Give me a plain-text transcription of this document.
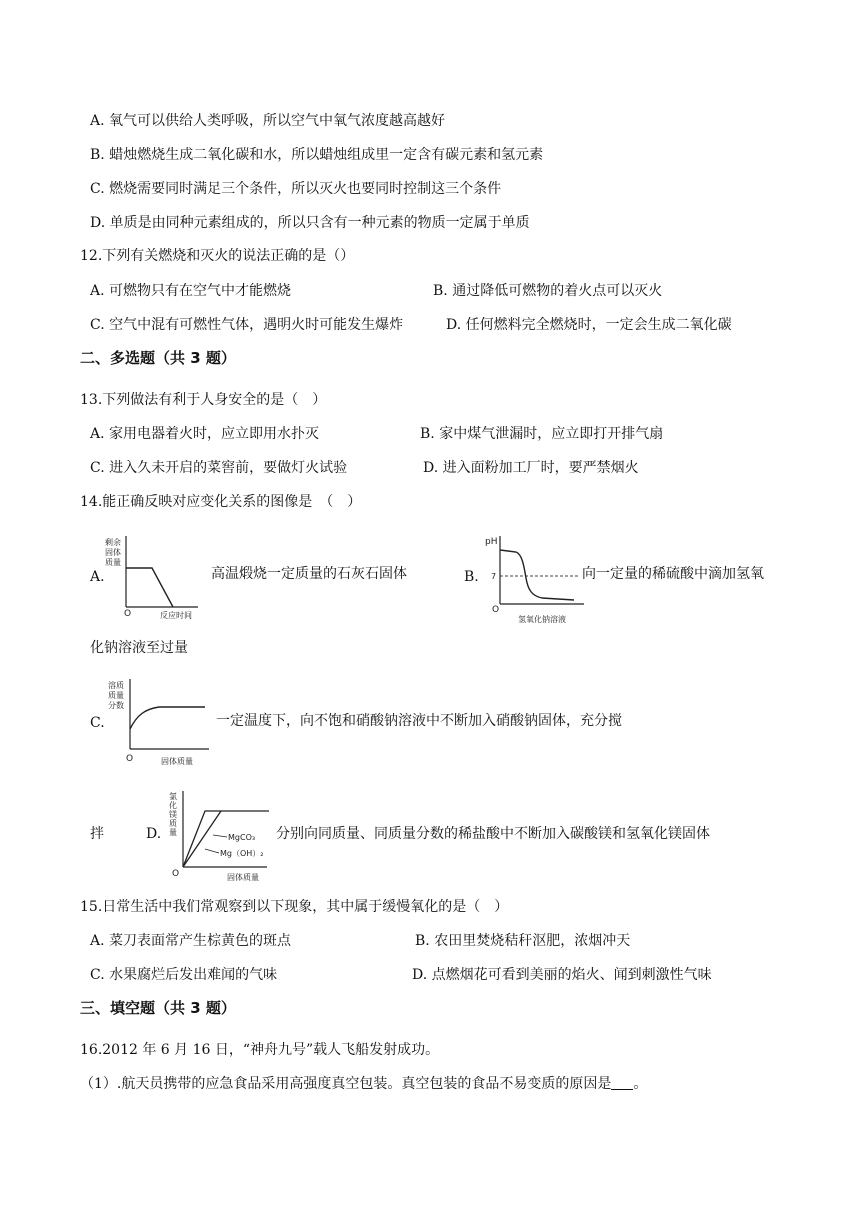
A. 氧气可以供给人类呼吸，所以空气中氧气浓度越高越好
B. 蜡烛燃烧生成二氧化碳和水，所以蜡烛组成里一定含有碳元素和氢元素
C. 燃烧需要同时满足三个条件，所以灭火也要同时控制这三个条件
D. 单质是由同种元素组成的，所以只含有一种元素的物质一定属于单质
12.下列有关燃烧和灭火的说法正确的是（）
A. 可燃物只有在空气中才能燃烧	B. 通过降低可燃物的着火点可以灭火
C. 空气中混有可燃性气体，遇明火时可能发生爆炸	D. 任何燃料完全燃烧时，一定会生成二氧化碳
二、多选题（共 3 题）
13.下列做法有利于人身安全的是（　）
A. 家用电器着火时，应立即用水扑灭	B. 家中煤气泄漏时，应立即打开排气扇
C. 进入久未开启的菜窖前，要做灯火试验	D. 进入面粉加工厂时，要严禁烟火
14.能正确反映对应变化关系的图像是　（　）
A.
剩余
固体
质量
O	反应时间
高温煅烧一定质量的石灰石固体	B.
pH
7
O
氢氧化钠溶液
向一定量的稀硫酸中滴加氢氧
化钠溶液至过量
C.
溶质
质量
分数
O	固体质量
一定温度下，向不饱和硝酸钠溶液中不断加入硝酸钠固体，充分搅
拌	D.
氯
化
镁
质
量
MgCO₃
Mg（OH）₂
O	固体质量
分别向同质量、同质量分数的稀盐酸中不断加入碳酸镁和氢氧化镁固体
15.日常生活中我们常观察到以下现象，其中属于缓慢氧化的是（　）
A. 菜刀表面常产生棕黄色的斑点	B. 农田里焚烧秸秆沤肥，浓烟冲天
C. 水果腐烂后发出难闻的气味	D. 点燃烟花可看到美丽的焰火、闻到刺激性气味
三、填空题（共 3 题）
16.2012 年 6 月 16 日，“神舟九号”载人飞船发射成功。
（1）.航天员携带的应急食品采用高强度真空包装。真空包装的食品不易变质的原因是 。
